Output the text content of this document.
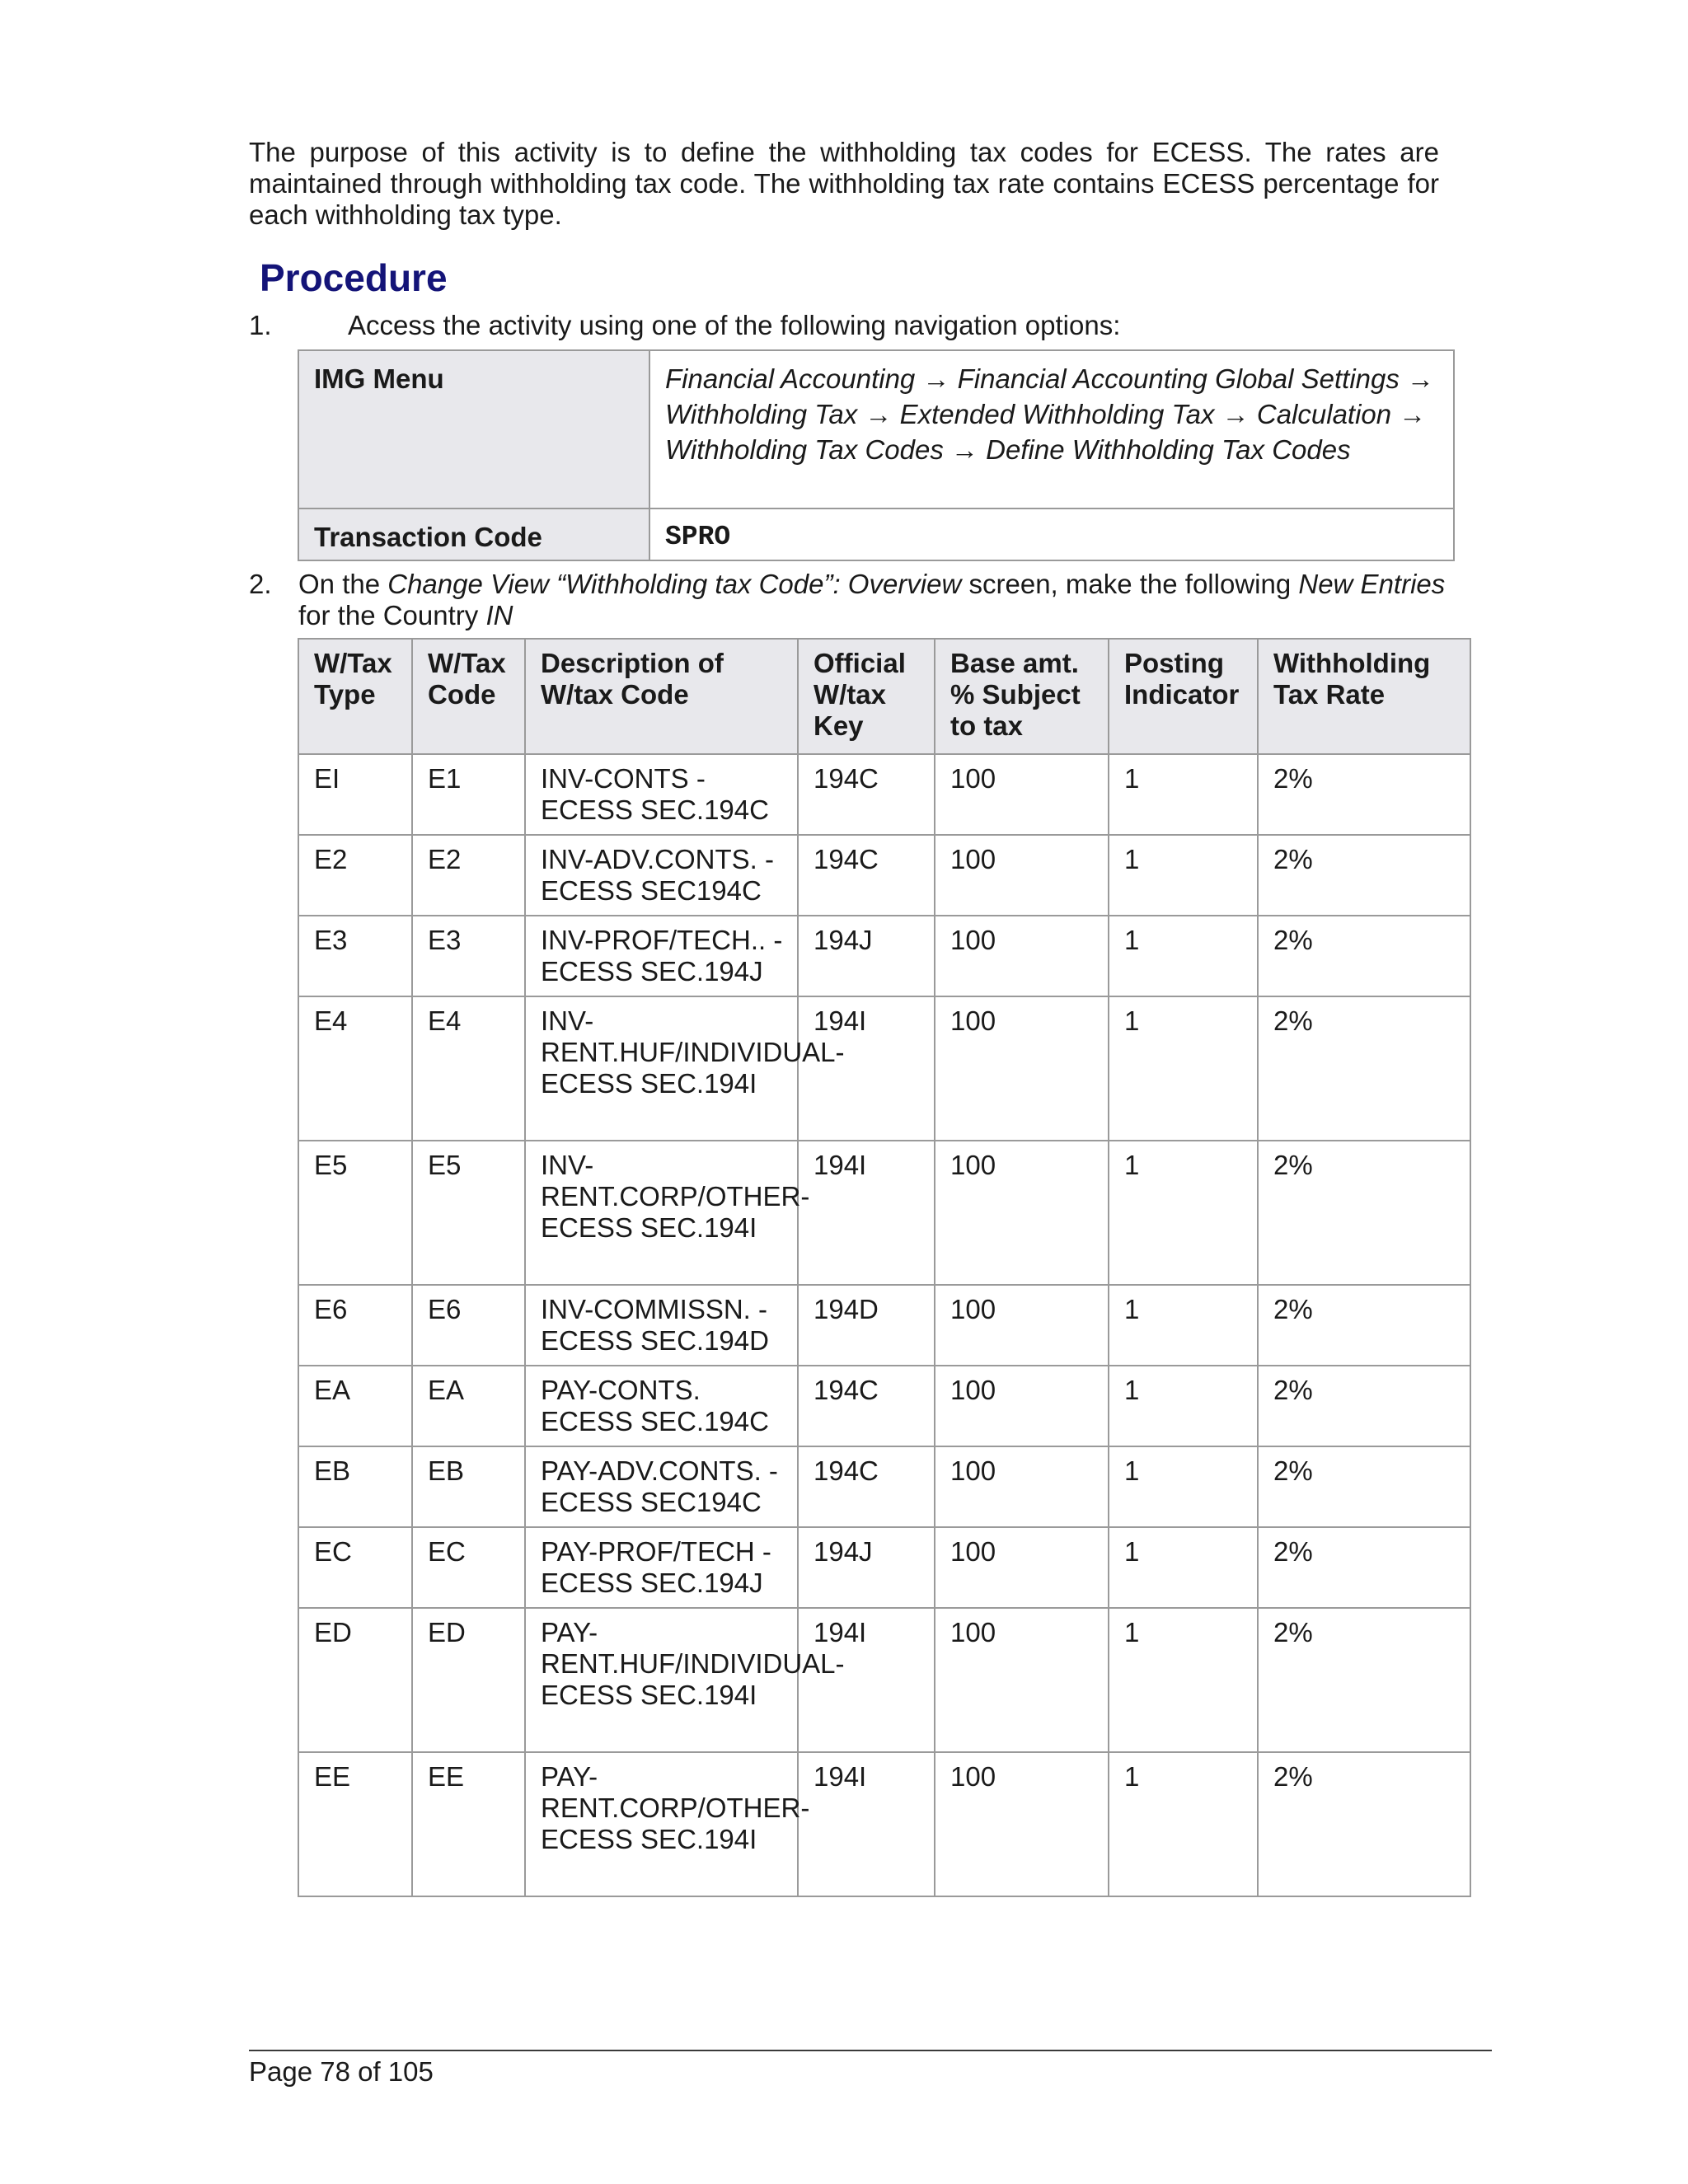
The purpose of this activity is to define the withholding tax codes for ECESS. The rates are maintained through withholding tax code. The withholding tax rate contains ECESS percentage for each withholding tax type.
Procedure
1.	Access the activity using one of the following navigation options:
IMG Menu	Financial Accounting → Financial Accounting Global Settings → Withholding Tax → Extended Withholding Tax → Calculation → Withholding Tax Codes → Define Withholding Tax Codes
Transaction Code	SPRO
2. On the Change View “Withholding tax Code”: Overview screen, make the following New Entries for the Country IN
W/Tax Type	W/Tax Code	Description of W/tax Code	Official W/tax Key	Base amt. % Subject to tax	Posting Indicator	Withholding Tax Rate
EI	E1	INV-CONTS -ECESS SEC.194C	194C	100	1	2%
E2	E2	INV-ADV.CONTS. -ECESS SEC194C	194C	100	1	2%
E3	E3	INV-PROF/TECH.. -ECESS SEC.194J	194J	100	1	2%
E4	E4	INV-RENT.HUF/INDIVIDUAL-ECESS SEC.194I	194I	100	1	2%
E5	E5	INV-RENT.CORP/OTHER-ECESS SEC.194I	194I	100	1	2%
E6	E6	INV-COMMISSN. -ECESS SEC.194D	194D	100	1	2%
EA	EA	PAY-CONTS. ECESS SEC.194C	194C	100	1	2%
EB	EB	PAY-ADV.CONTS. -ECESS SEC194C	194C	100	1	2%
EC	EC	PAY-PROF/TECH -ECESS SEC.194J	194J	100	1	2%
ED	ED	PAY-RENT.HUF/INDIVIDUAL-ECESS SEC.194I	194I	100	1	2%
EE	EE	PAY-RENT.CORP/OTHER-ECESS SEC.194I	194I	100	1	2%
Page 78 of 105
